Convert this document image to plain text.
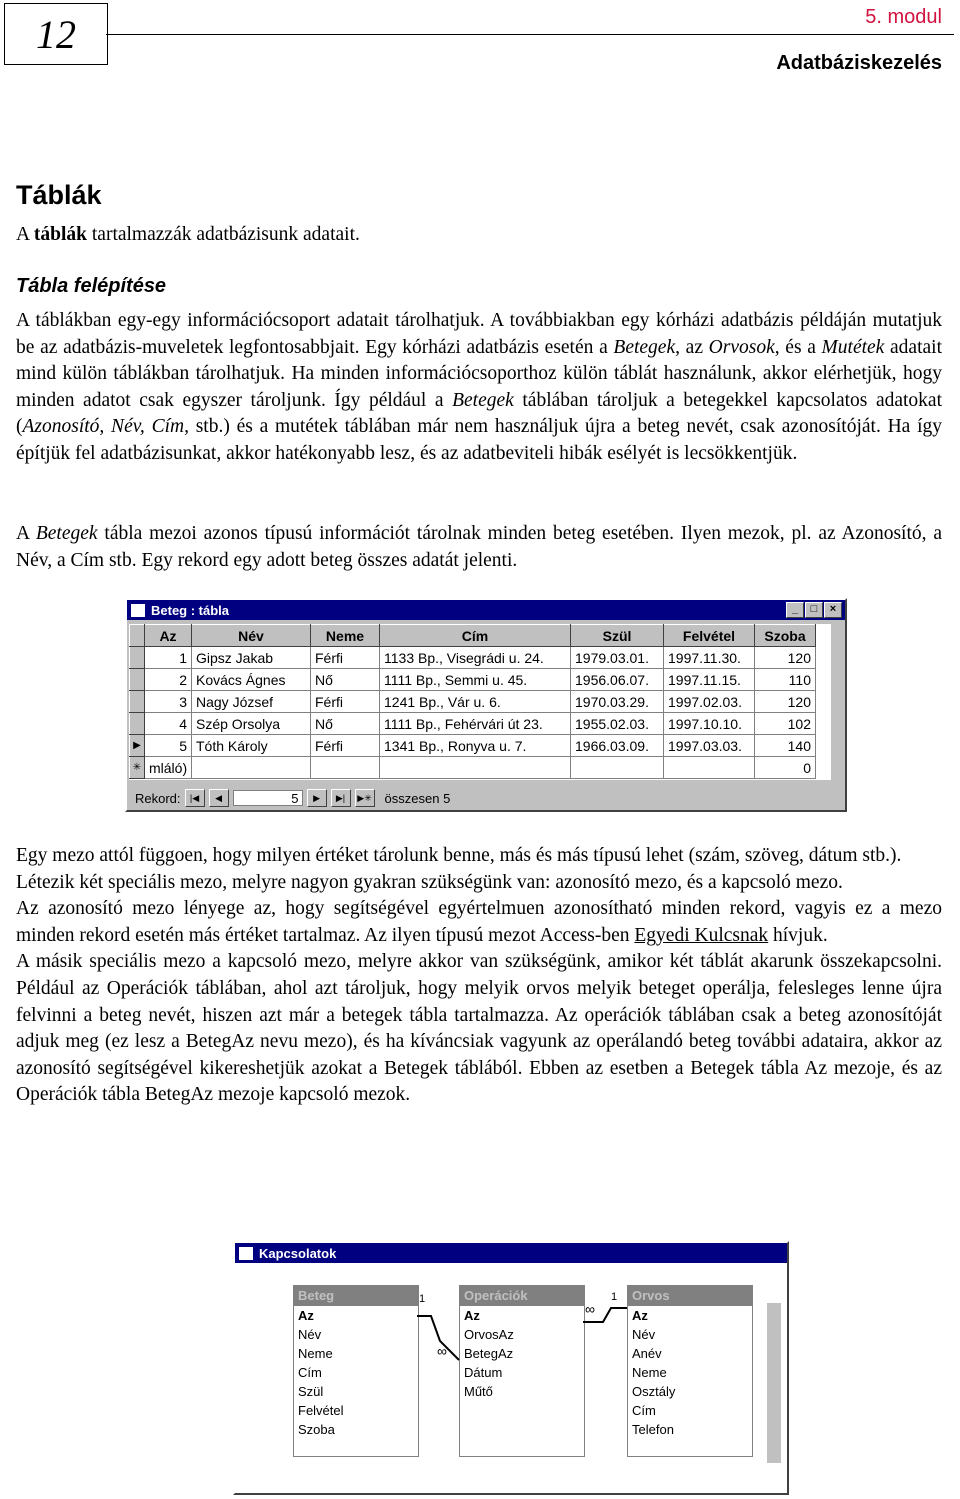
12	5. modul
Adatbáziskezelés
Táblák
A táblák tartalmazzák adatbázisunk adatait.
Tábla felépítése
A táblákban egy-egy információcsoport adatait tárolhatjuk. A továbbiakban egy kórházi adatbázis példáján mutatjuk be az adatbázis-muveletek legfontosabbjait. Egy kórházi adatbázis esetén a Betegek, az Orvosok, és a Mutétek adatait mind külön táblákban tárolhatjuk. Ha minden információcsoporthoz külön táblát használunk, akkor elérhetjük, hogy minden adatot csak egyszer tároljunk. Így például a Betegek táblában tároljuk a betegekkel kapcsolatos adatokat (Azonosító, Név, Cím, stb.) és a mutétek táblában már nem használjuk újra a beteg nevét, csak azonosítóját. Ha így építjük fel adatbázisunkat, akkor hatékonyabb lesz, és az adatbeviteli hibák esélyét is lecsökkentjük.
A Betegek tábla mezoi azonos típusú információt tárolnak minden beteg esetében. Ilyen mezok, pl. az Azonosító, a Név, a Cím stb. Egy rekord egy adott beteg összes adatát jelenti.
Beteg : tábla	_	□	×
	Az	Név	Neme	Cím	Szül	Felvétel	Szoba
	1	Gipsz Jakab	Férfi	1133 Bp., Visegrádi u. 24.	1979.03.01.	1997.11.30.	120
	2	Kovács Ágnes	Nő	1111 Bp., Semmi u. 45.	1956.06.07.	1997.11.15.	110
	3	Nagy József	Férfi	1241 Bp., Vár u. 6.	1970.03.29.	1997.02.03.	120
	4	Szép Orsolya	Nő	1111 Bp., Fehérvári út 23.	1955.02.03.	1997.10.10.	102
▶	5	Tóth Károly	Férfi	1341 Bp., Ronyva u. 7.	1966.03.09.	1997.03.03.	140
✳	mláló)						0
Rekord:	|◀	◀	5	▶	▶|	▶✳ összesen 5
Egy mezo attól függoen, hogy milyen értéket tárolunk benne, más és más típusú lehet (szám, szöveg, dátum stb.).
Létezik két speciális mezo, melyre nagyon gyakran szükségünk van: azonosító mezo, és a kapcsoló mezo.
Az azonosító mezo lényege az, hogy segítségével egyértelmuen azonosítható minden rekord, vagyis ez a mezo minden rekord esetén más értéket tartalmaz. Az ilyen típusú mezot Access-ben Egyedi Kulcsnak hívjuk.
A másik speciális mezo a kapcsoló mezo, melyre akkor van szükségünk, amikor két táblát akarunk összekapcsolni. Például az Operációk táblában, ahol azt tároljuk, hogy melyik orvos melyik beteget operálja, felesleges lenne újra felvinni a beteg nevét, hiszen azt már a betegek tábla tartalmazza. Az operációk táblában csak a beteg azonosítóját adjuk meg (ez lesz a BetegAz nevu mezo), és ha kíváncsiak vagyunk az operálandó beteg további adataira, akkor az azonosító segítségével kikereshetjük azokat a Betegek táblából. Ebben az esetben a Betegek tábla Az mezoje, és az Operációk tábla BetegAz mezoje kapcsoló mezok.
Kapcsolatok
Beteg
Az
Név
Neme
Cím
Szül
Felvétel
Szoba
Operációk
Az
OrvosAz
BetegAz
Dátum
Műtő
Orvos
Az
Név
Anév
Neme
Osztály
Cím
Telefon
1
∞
∞
1
